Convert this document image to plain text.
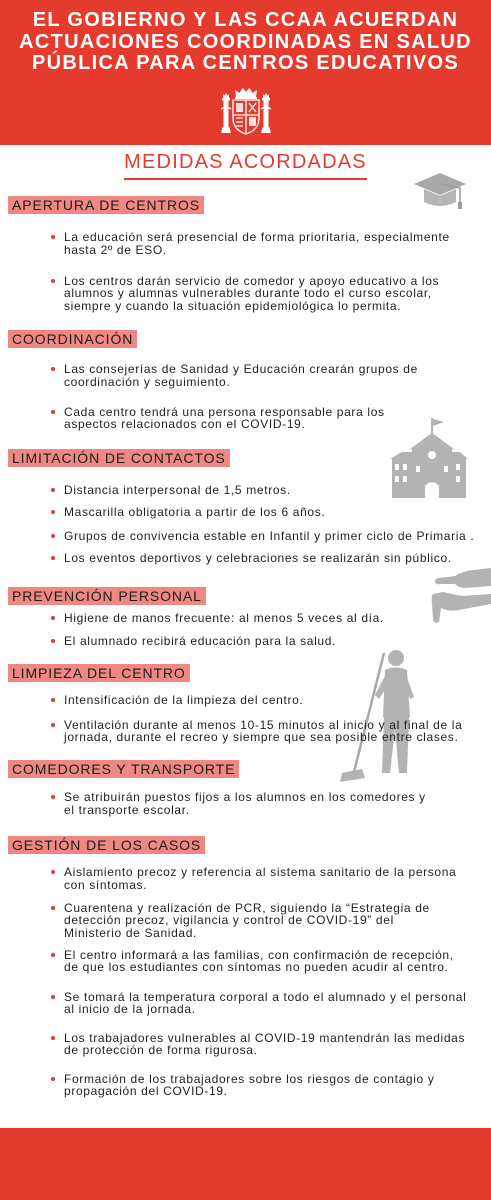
EL GOBIERNO Y LAS CCAA ACUERDAN
ACTUACIONES COORDINADAS EN SALUD
PÚBLICA PARA CENTROS EDUCATIVOS
MEDIDAS ACORDADAS
APERTURA DE CENTROS
La educación será presencial de forma prioritaria, especialmente
hasta 2º de ESO.
Los centros darán servicio de comedor y apoyo educativo a los
alumnos y alumnas vulnerables durante todo el curso escolar,
siempre y cuando la situación epidemiológica lo permita.
COORDINACIÓN
Las consejerías de Sanidad y Educación crearán grupos de
coordinación y seguimiento.
Cada centro tendrá una persona responsable para los
aspectos relacionados con el COVID-19.
LIMITACIÓN DE CONTACTOS
Distancia interpersonal de 1,5 metros.
Mascarilla obligatoria a partir de los 6 años.
Grupos de convivencia estable en Infantil y primer ciclo de Primaria .
Los eventos deportivos y celebraciones se realizarán sin público.
PREVENCIÓN PERSONAL
Higiene de manos frecuente: al menos 5 veces al día.
El alumnado recibirá educación para la salud.
LIMPIEZA DEL CENTRO
Intensificación de la limpieza del centro.
Ventilación durante al menos 10-15 minutos al inicio y al final de la
jornada, durante el recreo y siempre que sea posible entre clases.
COMEDORES Y TRANSPORTE
Se atribuirán puestos fijos a los alumnos en los comedores y
el transporte escolar.
GESTIÓN DE LOS CASOS
Aislamiento precoz y referencia al sistema sanitario de la persona
con síntomas.
Cuarentena y realización de PCR, siguiendo la “Estrategia de
detección precoz, vigilancia y control de COVID-19” del
Ministerio de Sanidad.
El centro informará a las familias, con confirmación de recepción,
de que los estudiantes con síntomas no pueden acudir al centro.
Se tomará la temperatura corporal a todo el alumnado y el personal
al inicio de la jornada.
Los trabajadores vulnerables al COVID-19 mantendrán las medidas
de protección de forma rigurosa.
Formación de los trabajadores sobre los riesgos de contagio y
propagación del COVID-19.
